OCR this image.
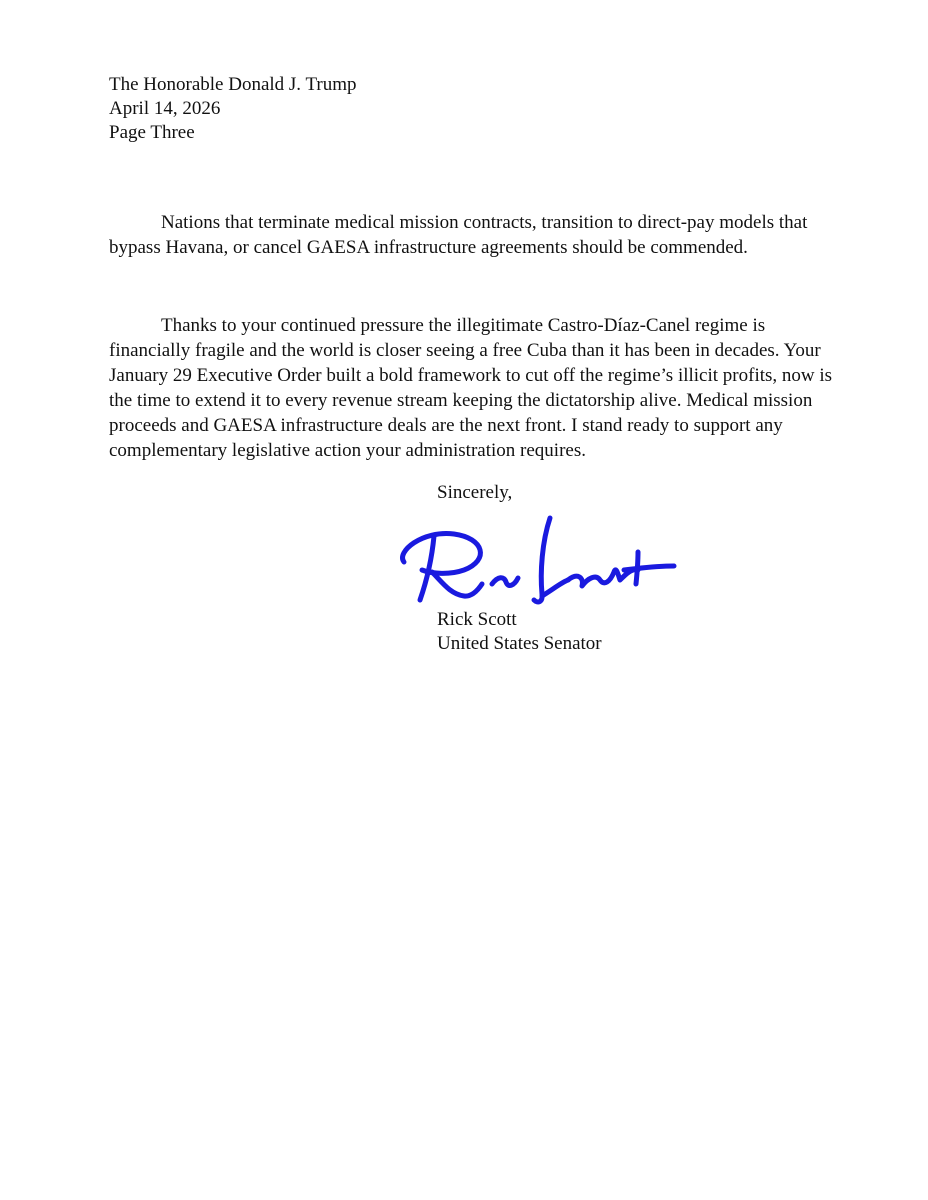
The Honorable Donald J. Trump
April 14, 2026
Page Three

Nations that terminate medical mission contracts, transition to direct-pay models that bypass Havana, or cancel GAESA infrastructure agreements should be commended.

Thanks to your continued pressure the illegitimate Castro-Díaz-Canel regime is financially fragile and the world is closer seeing a free Cuba than it has been in decades. Your January 29 Executive Order built a bold framework to cut off the regime’s illicit profits, now is the time to extend it to every revenue stream keeping the dictatorship alive. Medical mission proceeds and GAESA infrastructure deals are the next front. I stand ready to support any complementary legislative action your administration requires.

Sincerely,
Rick Scott
United States Senator
